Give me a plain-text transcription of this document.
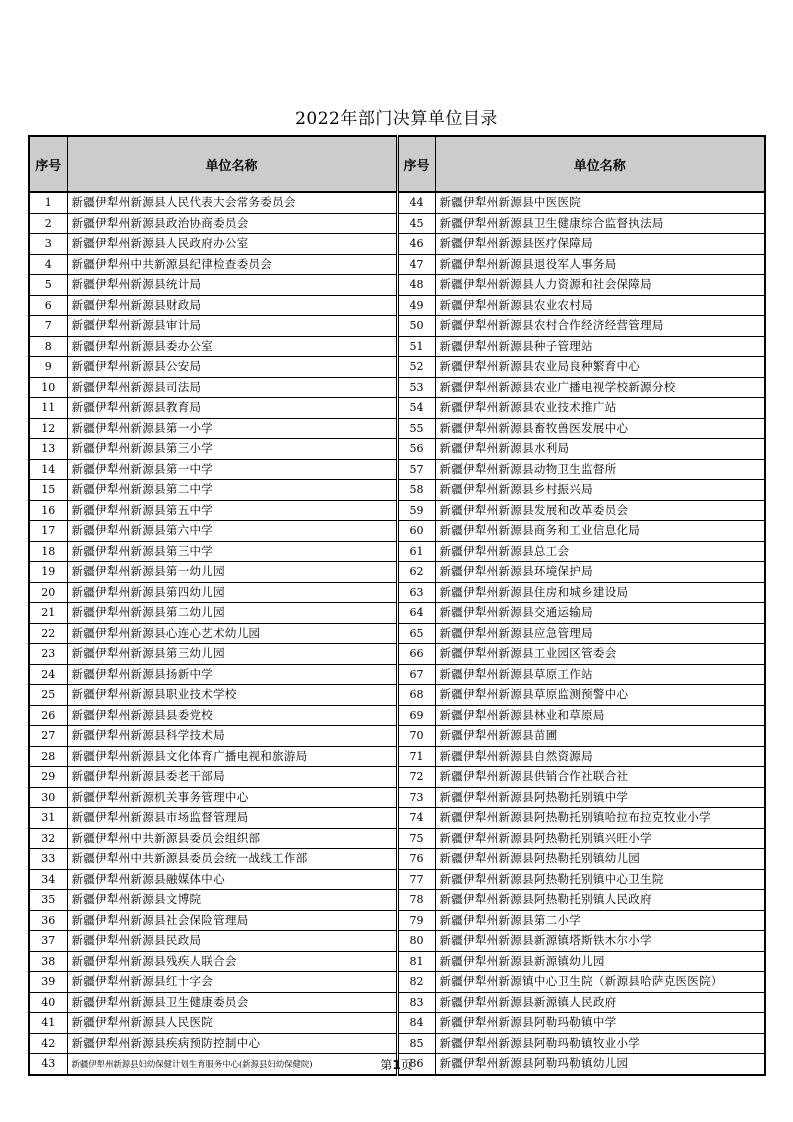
2022年部门决算单位目录
序号	单位名称	序号	单位名称
1	新疆伊犁州新源县人民代表大会常务委员会	44	新疆伊犁州新源县中医医院
2	新疆伊犁州新源县政治协商委员会	45	新疆伊犁州新源县卫生健康综合监督执法局
3	新疆伊犁州新源县人民政府办公室	46	新疆伊犁州新源县医疗保障局
4	新疆伊犁州中共新源县纪律检查委员会	47	新疆伊犁州新源县退役军人事务局
5	新疆伊犁州新源县统计局	48	新疆伊犁州新源县人力资源和社会保障局
6	新疆伊犁州新源县财政局	49	新疆伊犁州新源县农业农村局
7	新疆伊犁州新源县审计局	50	新疆伊犁州新源县农村合作经济经营管理局
8	新疆伊犁州新源县委办公室	51	新疆伊犁州新源县种子管理站
9	新疆伊犁州新源县公安局	52	新疆伊犁州新源县农业局良种繁育中心
10	新疆伊犁州新源县司法局	53	新疆伊犁州新源县农业广播电视学校新源分校
11	新疆伊犁州新源县教育局	54	新疆伊犁州新源县农业技术推广站
12	新疆伊犁州新源县第一小学	55	新疆伊犁州新源县畜牧兽医发展中心
13	新疆伊犁州新源县第三小学	56	新疆伊犁州新源县水利局
14	新疆伊犁州新源县第一中学	57	新疆伊犁州新源县动物卫生监督所
15	新疆伊犁州新源县第二中学	58	新疆伊犁州新源县乡村振兴局
16	新疆伊犁州新源县第五中学	59	新疆伊犁州新源县发展和改革委员会
17	新疆伊犁州新源县第六中学	60	新疆伊犁州新源县商务和工业信息化局
18	新疆伊犁州新源县第三中学	61	新疆伊犁州新源县总工会
19	新疆伊犁州新源县第一幼儿园	62	新疆伊犁州新源县环境保护局
20	新疆伊犁州新源县第四幼儿园	63	新疆伊犁州新源县住房和城乡建设局
21	新疆伊犁州新源县第二幼儿园	64	新疆伊犁州新源县交通运输局
22	新疆伊犁州新源县心连心艺术幼儿园	65	新疆伊犁州新源县应急管理局
23	新疆伊犁州新源县第三幼儿园	66	新疆伊犁州新源县工业园区管委会
24	新疆伊犁州新源县扬新中学	67	新疆伊犁州新源县草原工作站
25	新疆伊犁州新源县职业技术学校	68	新疆伊犁州新源县草原监测预警中心
26	新疆伊犁州新源县县委党校	69	新疆伊犁州新源县林业和草原局
27	新疆伊犁州新源县科学技术局	70	新疆伊犁州新源县苗圃
28	新疆伊犁州新源县文化体育广播电视和旅游局	71	新疆伊犁州新源县自然资源局
29	新疆伊犁州新源县委老干部局	72	新疆伊犁州新源县供销合作社联合社
30	新疆伊犁州新源机关事务管理中心	73	新疆伊犁州新源县阿热勒托别镇中学
31	新疆伊犁州新源县市场监督管理局	74	新疆伊犁州新源县阿热勒托别镇哈拉布拉克牧业小学
32	新疆伊犁州中共新源县委员会组织部	75	新疆伊犁州新源县阿热勒托别镇兴旺小学
33	新疆伊犁州中共新源县委员会统一战线工作部	76	新疆伊犁州新源县阿热勒托别镇幼儿园
34	新疆伊犁州新源县融媒体中心	77	新疆伊犁州新源县阿热勒托别镇中心卫生院
35	新疆伊犁州新源县文博院	78	新疆伊犁州新源县阿热勒托别镇人民政府
36	新疆伊犁州新源县社会保险管理局	79	新疆伊犁州新源县第二小学
37	新疆伊犁州新源县民政局	80	新疆伊犁州新源县新源镇塔斯铁木尔小学
38	新疆伊犁州新源县残疾人联合会	81	新疆伊犁州新源县新源镇幼儿园
39	新疆伊犁州新源县红十字会	82	新疆伊犁州新源镇中心卫生院（新源县哈萨克医医院）
40	新疆伊犁州新源县卫生健康委员会	83	新疆伊犁州新源县新源镇人民政府
41	新疆伊犁州新源县人民医院	84	新疆伊犁州新源县阿勒玛勒镇中学
42	新疆伊犁州新源县疾病预防控制中心	85	新疆伊犁州新源县阿勒玛勒镇牧业小学
43	新疆伊犁州新源县妇幼保健计划生育服务中心(新源县妇幼保健院)	86	新疆伊犁州新源县阿勒玛勒镇幼儿园
第1页
